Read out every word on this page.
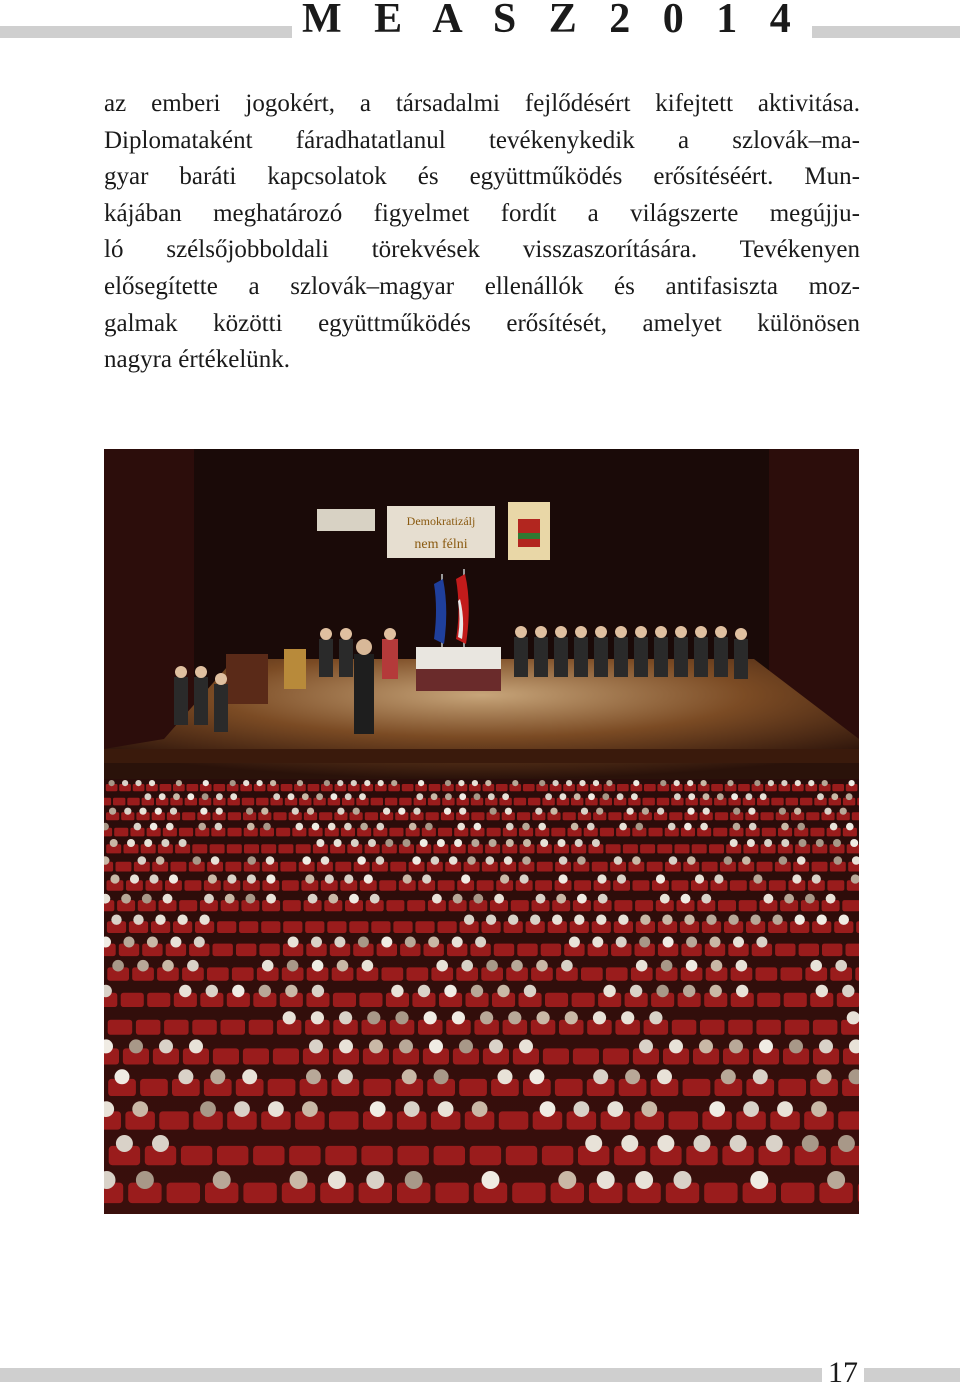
M E A S Z 2 0 1 4
az emberi jogokért, a társadalmi fejlődésért kifejtett aktivitása.
Diplomataként fáradhatatlanul tevékenykedik a szlovák–ma-
gyar baráti kapcsolatok és együttműködés erősítéséért. Mun-
kájában meghatározó figyelmet fordít a világszerte megújju-
ló szélsőjobboldali törekvések visszaszorítására. Tevékenyen
elősegítette a szlovák–magyar ellenállók és antifasiszta moz-
galmak közötti együttműködés erősítését, amelyet különösen
nagyra értékelünk.
Demokratizálj
nem félni
17
